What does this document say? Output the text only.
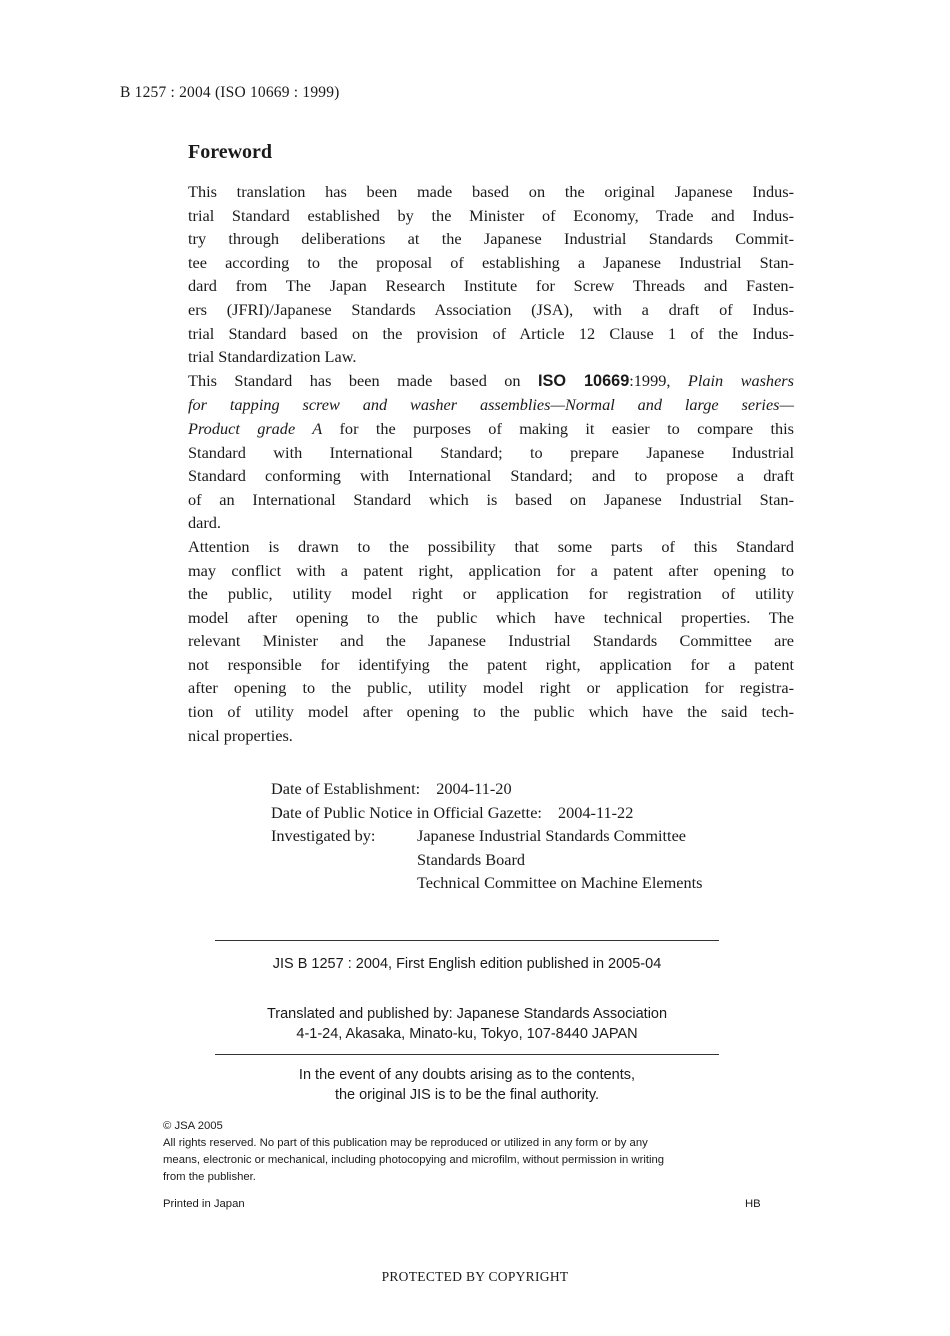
B 1257 : 2004 (ISO 10669 : 1999)
Foreword
This translation has been made based on the original Japanese Indus-
trial Standard established by the Minister of Economy, Trade and Indus-
try through deliberations at the Japanese Industrial Standards Commit-
tee according to the proposal of establishing a Japanese Industrial Stan-
dard from The Japan Research Institute for Screw Threads and Fasten-
ers (JFRI)/Japanese Standards Association (JSA), with a draft of Indus-
trial Standard based on the provision of Article 12 Clause 1 of the Indus-
trial Standardization Law.
This Standard has been made based on ISO 10669:1999, Plain washers
for tapping screw and washer assemblies—Normal and large series—
Product grade A for the purposes of making it easier to compare this
Standard with International Standard; to prepare Japanese Industrial
Standard conforming with International Standard; and to propose a draft
of an International Standard which is based on Japanese Industrial Stan-
dard.
Attention is drawn to the possibility that some parts of this Standard
may conflict with a patent right, application for a patent after opening to
the public, utility model right or application for registration of utility
model after opening to the public which have technical properties. The
relevant Minister and the Japanese Industrial Standards Committee are
not responsible for identifying the patent right, application for a patent
after opening to the public, utility model right or application for registra-
tion of utility model after opening to the public which have the said tech-
nical properties.
Date of Establishment: 2004-11-20
Date of Public Notice in Official Gazette: 2004-11-22
Investigated by:	Japanese Industrial Standards Committee
Standards Board
Technical Committee on Machine Elements
JIS B 1257 : 2004, First English edition published in 2005-04
Translated and published by: Japanese Standards Association
4-1-24, Akasaka, Minato-ku, Tokyo, 107-8440 JAPAN
In the event of any doubts arising as to the contents,
the original JIS is to be the final authority.
© JSA 2005
All rights reserved. No part of this publication may be reproduced or utilized in any form or by any
means, electronic or mechanical, including photocopying and microfilm, without permission in writing
from the publisher.
Printed in Japan	HB
PROTECTED BY COPYRIGHT
